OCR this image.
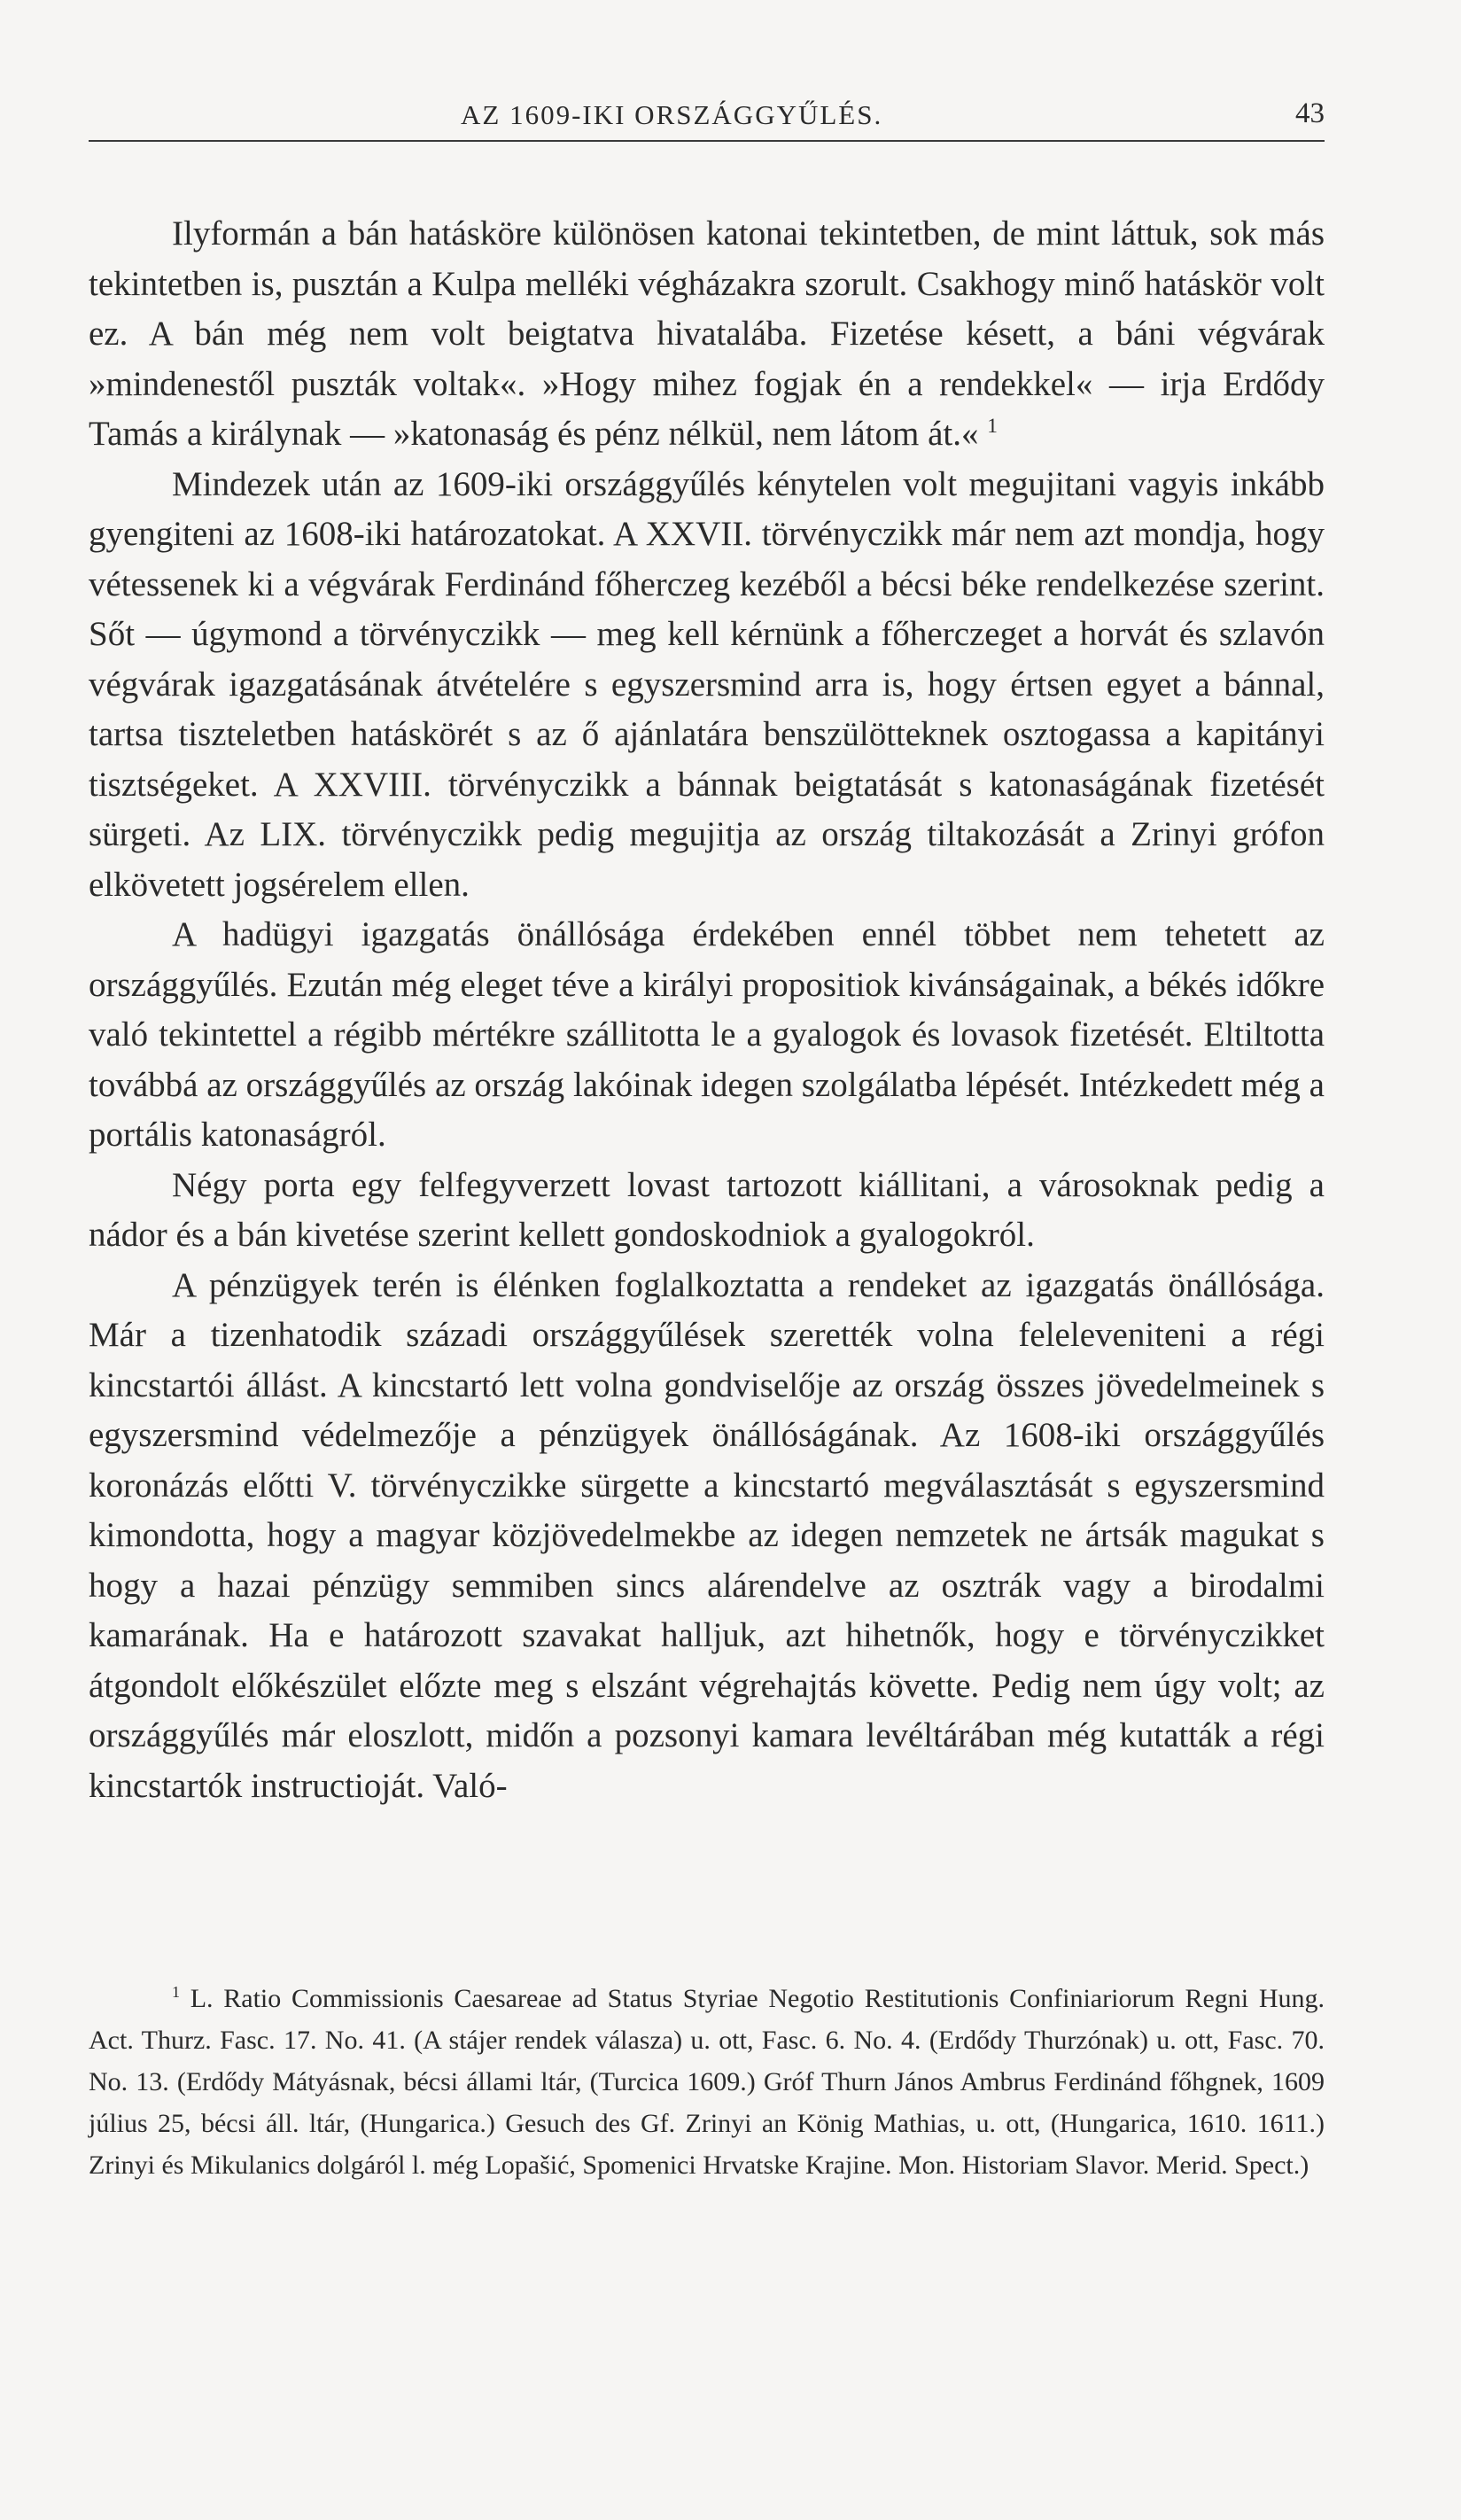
AZ 1609-IKI ORSZÁGGYŰLÉS.	43

Ilyformán a bán hatásköre különösen katonai tekintetben, de mint láttuk, sok más tekintetben is, pusztán a Kulpa melléki végházakra szorult. Csakhogy minő hatáskör volt ez. A bán még nem volt beigtatva hivatalába. Fizetése késett, a báni végvárak »mindenestől puszták voltak«. »Hogy mihez fogjak én a rendekkel« — irja Erdődy Tamás a királynak — »katonaság és pénz nélkül, nem látom át.« $^1$

Mindezek után az 1609-iki országgyűlés kénytelen volt megujitani vagyis inkább gyengiteni az 1608-iki határozatokat. A XXVII. törvényczikk már nem azt mondja, hogy vétessenek ki a végvárak Ferdinánd főherczeg kezéből a bécsi béke rendelkezése szerint. Sőt — úgymond a törvényczikk — meg kell kérnünk a főherczeget a horvát és szlavón végvárak igazgatásának átvételére s egyszersmind arra is, hogy értsen egyet a bánnal, tartsa tiszteletben hatáskörét s az ő ajánlatára benszülötteknek osztogassa a kapitányi tisztségeket. A XXVIII. törvényczikk a bánnak beigtatását s katonaságának fizetését sürgeti. Az LIX. törvényczikk pedig megujitja az ország tiltakozását a Zrinyi grófon elkövetett jogsérelem ellen.

A hadügyi igazgatás önállósága érdekében ennél többet nem tehetett az országgyűlés. Ezután még eleget téve a királyi propositiok kivánságainak, a békés időkre való tekintettel a régibb mértékre szállitotta le a gyalogok és lovasok fizetését. Eltiltotta továbbá az országgyűlés az ország lakóinak idegen szolgálatba lépését. Intézkedett még a portális katonaságról.

Négy porta egy felfegyverzett lovast tartozott kiállitani, a városoknak pedig a nádor és a bán kivetése szerint kellett gondoskodniok a gyalogokról.

A pénzügyek terén is élénken foglalkoztatta a rendeket az igazgatás önállósága. Már a tizenhatodik századi országgyűlések szerették volna feleleveniteni a régi kincstartói állást. A kincstartó lett volna gondviselője az ország összes jövedelmeinek s egyszersmind védelmezője a pénzügyek önállóságának. Az 1608-iki országgyűlés koronázás előtti V. törvényczikke sürgette a kincstartó megválasztását s egyszersmind kimondotta, hogy a magyar közjövedelmekbe az idegen nemzetek ne ártsák magukat s hogy a hazai pénzügy semmiben sincs alárendelve az osztrák vagy a birodalmi kamarának. Ha e határozott szavakat halljuk, azt hihetnők, hogy e törvényczikket átgondolt előkészület előzte meg s elszánt végrehajtás követte. Pedig nem úgy volt; az országgyűlés már eloszlott, midőn a pozsonyi kamara levéltárában még kutatták a régi kincstartók instructioját. Való-

$^1$ L. Ratio Commissionis Caesareae ad Status Styriae Negotio Restitutionis Confiniariorum Regni Hung. Act. Thurz. Fasc. 17. No. 41. (A stájer rendek válasza) u. ott, Fasc. 6. No. 4. (Erdődy Thurzónak) u. ott, Fasc. 70. No. 13. (Erdődy Mátyásnak, bécsi állami ltár, (Turcica 1609.) Gróf Thurn János Ambrus Ferdinánd főhgnek, 1609 július 25, bécsi áll. ltár, (Hungarica.) Gesuch des Gf. Zrinyi an König Mathias, u. ott, (Hungarica, 1610. 1611.) Zrinyi és Mikulanics dolgáról l. még Lopašić, Spomenici Hrvatske Krajine. Mon. Historiam Slavor. Merid. Spect.)
